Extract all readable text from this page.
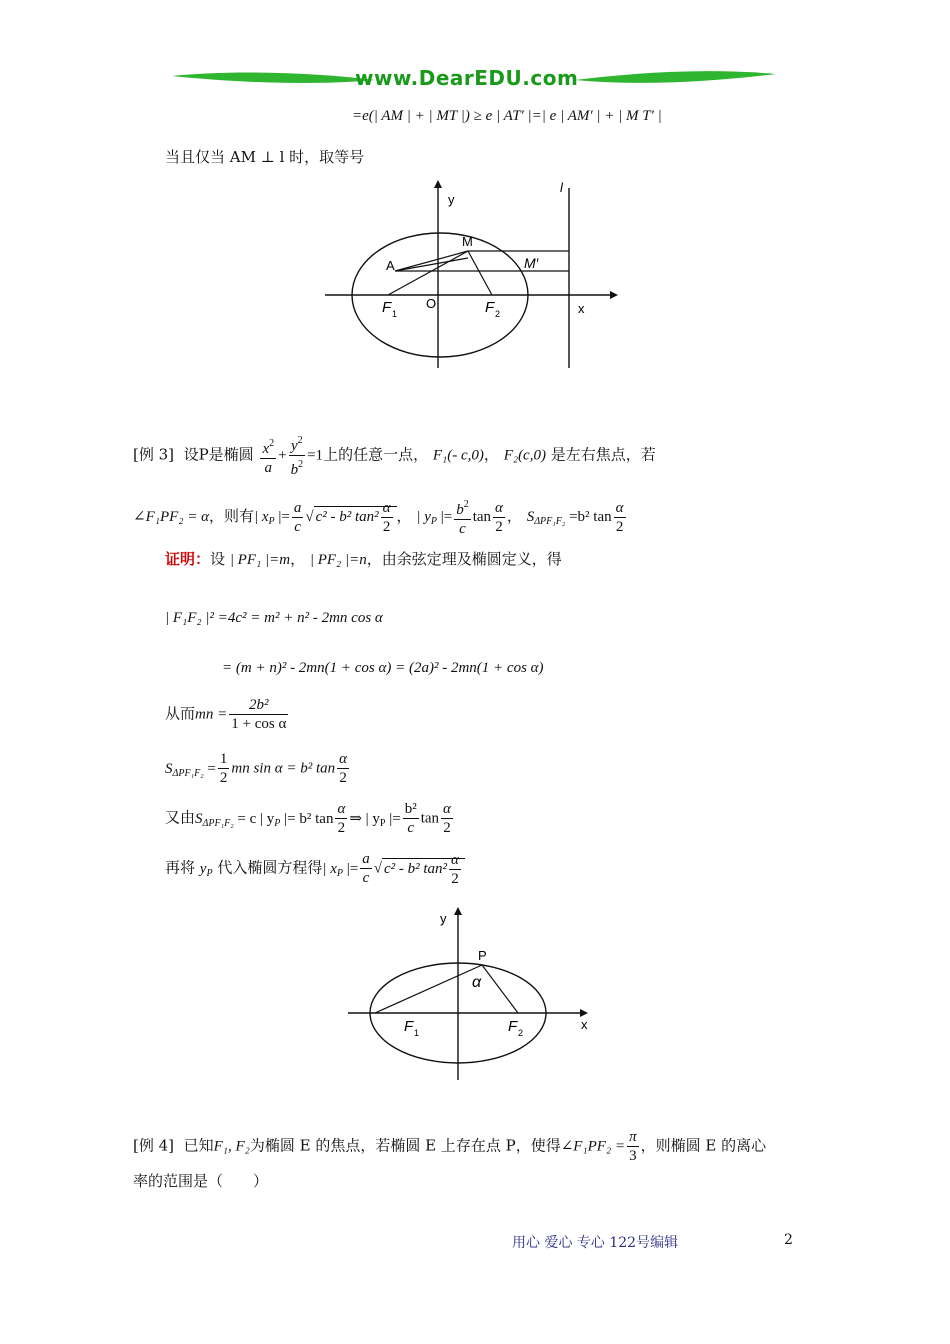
www.DearEDU.com
=e(| AM | + | MT |) ≥ e | AT′ |=| e | AM′ | + | M T′ |
当且仅当 AM ⊥ l 时，取等号
y
l
M
M′
A
O	x
F 1	F 2
[例 3] 设P是椭圆 $\frac{x^2}{a} + \frac{y^2}{b^2} =1$上的任意一点， F₁(- c,0)， F₂(c,0) 是左右焦点，若
∠F₁PF₂ = α，则有| $x_P$ |= $\frac{a}{c}$ √ c² - b² $\tan^2 \frac{\alpha}{2}$ ， | $y_P$ |= $\frac{b^2}{c}$ $\tan \frac{\alpha}{2}$ ， $S_{\Delta PF_1F_2} =b^2$ $\tan \frac{\alpha}{2}$
证明：设 | PF₁ |=m， | PF₂ |=n，由余弦定理及椭圆定义，得
| F₁F₂ |² =4c² = m² + n² - 2mn cos α
= (m + n)² - 2mn(1 + cos α) = (2a)² - 2mn(1 + cos α)
从而mn = $\frac{\text{2b²}}{\text{1 + cos α}}$
$S_{\Delta PF_1F_2} = \frac{1}{2}$ mn sin α = b² $\tan \frac{\alpha}{2}$
又由$S_{\Delta PF_1F_2} = c$ | $y_P$ |= b² $\tan \frac{\alpha}{2}$ ⇒ | $y_P$ |= $\frac{\text{b²}}{c}$ $\tan \frac{\alpha}{2}$
再将 $y_P$ 代入椭圆方程得| $x_P$ |= $\frac{a}{c}$ √ c² - b² $\tan^2 \frac{\alpha}{2}$
y
P
α
x
F 1	F 2
[例 4] 已知F₁, F₂为椭圆 E 的焦点，若椭圆 E 上存在点 P，使得∠F₁PF₂ = $\frac{\pi}{3}$ ，则椭圆 E 的离心
率的范围是（　　）
用心 爱心 专心 122号编辑	2
